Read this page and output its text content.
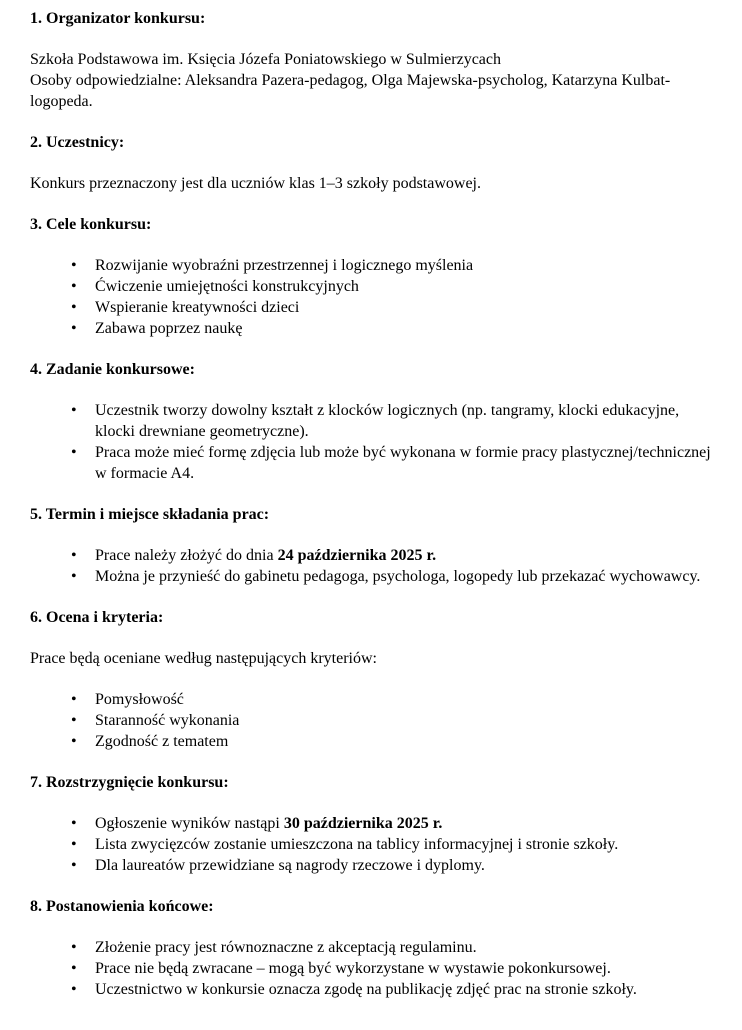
1. Organizator konkursu:

Szkoła Podstawowa im. Księcia Józefa Poniatowskiego w Sulmierzycach
Osoby odpowiedzialne: Aleksandra Pazera-pedagog, Olga Majewska-psycholog, Katarzyna Kulbat- logopeda.

2. Uczestnicy:

Konkurs przeznaczony jest dla uczniów klas 1–3 szkoły podstawowej.

3. Cele konkursu:
• Rozwijanie wyobraźni przestrzennej i logicznego myślenia
• Ćwiczenie umiejętności konstrukcyjnych
• Wspieranie kreatywności dzieci
• Zabawa poprzez naukę
4. Zadanie konkursowe:
• Uczestnik tworzy dowolny kształt z klocków logicznych (np. tangramy, klocki edukacyjne, klocki drewniane geometryczne).
• Praca może mieć formę zdjęcia lub może być wykonana w formie pracy plastycznej/technicznej w formacie A4.
5. Termin i miejsce składania prac:
• Prace należy złożyć do dnia 24 października 2025 r.
• Można je przynieść do gabinetu pedagoga, psychologa, logopedy lub przekazać wychowawcy.
6. Ocena i kryteria:

Prace będą oceniane według następujących kryteriów:

• Pomysłowość
• Staranność wykonania
• Zgodność z tematem
7. Rozstrzygnięcie konkursu:
• Ogłoszenie wyników nastąpi 30 października 2025 r.
• Lista zwycięzców zostanie umieszczona na tablicy informacyjnej i stronie szkoły.
• Dla laureatów przewidziane są nagrody rzeczowe i dyplomy.
8. Postanowienia końcowe:
• Złożenie pracy jest równoznaczne z akceptacją regulaminu.
• Prace nie będą zwracane – mogą być wykorzystane w wystawie pokonkursowej.
• Uczestnictwo w konkursie oznacza zgodę na publikację zdjęć prac na stronie szkoły.
